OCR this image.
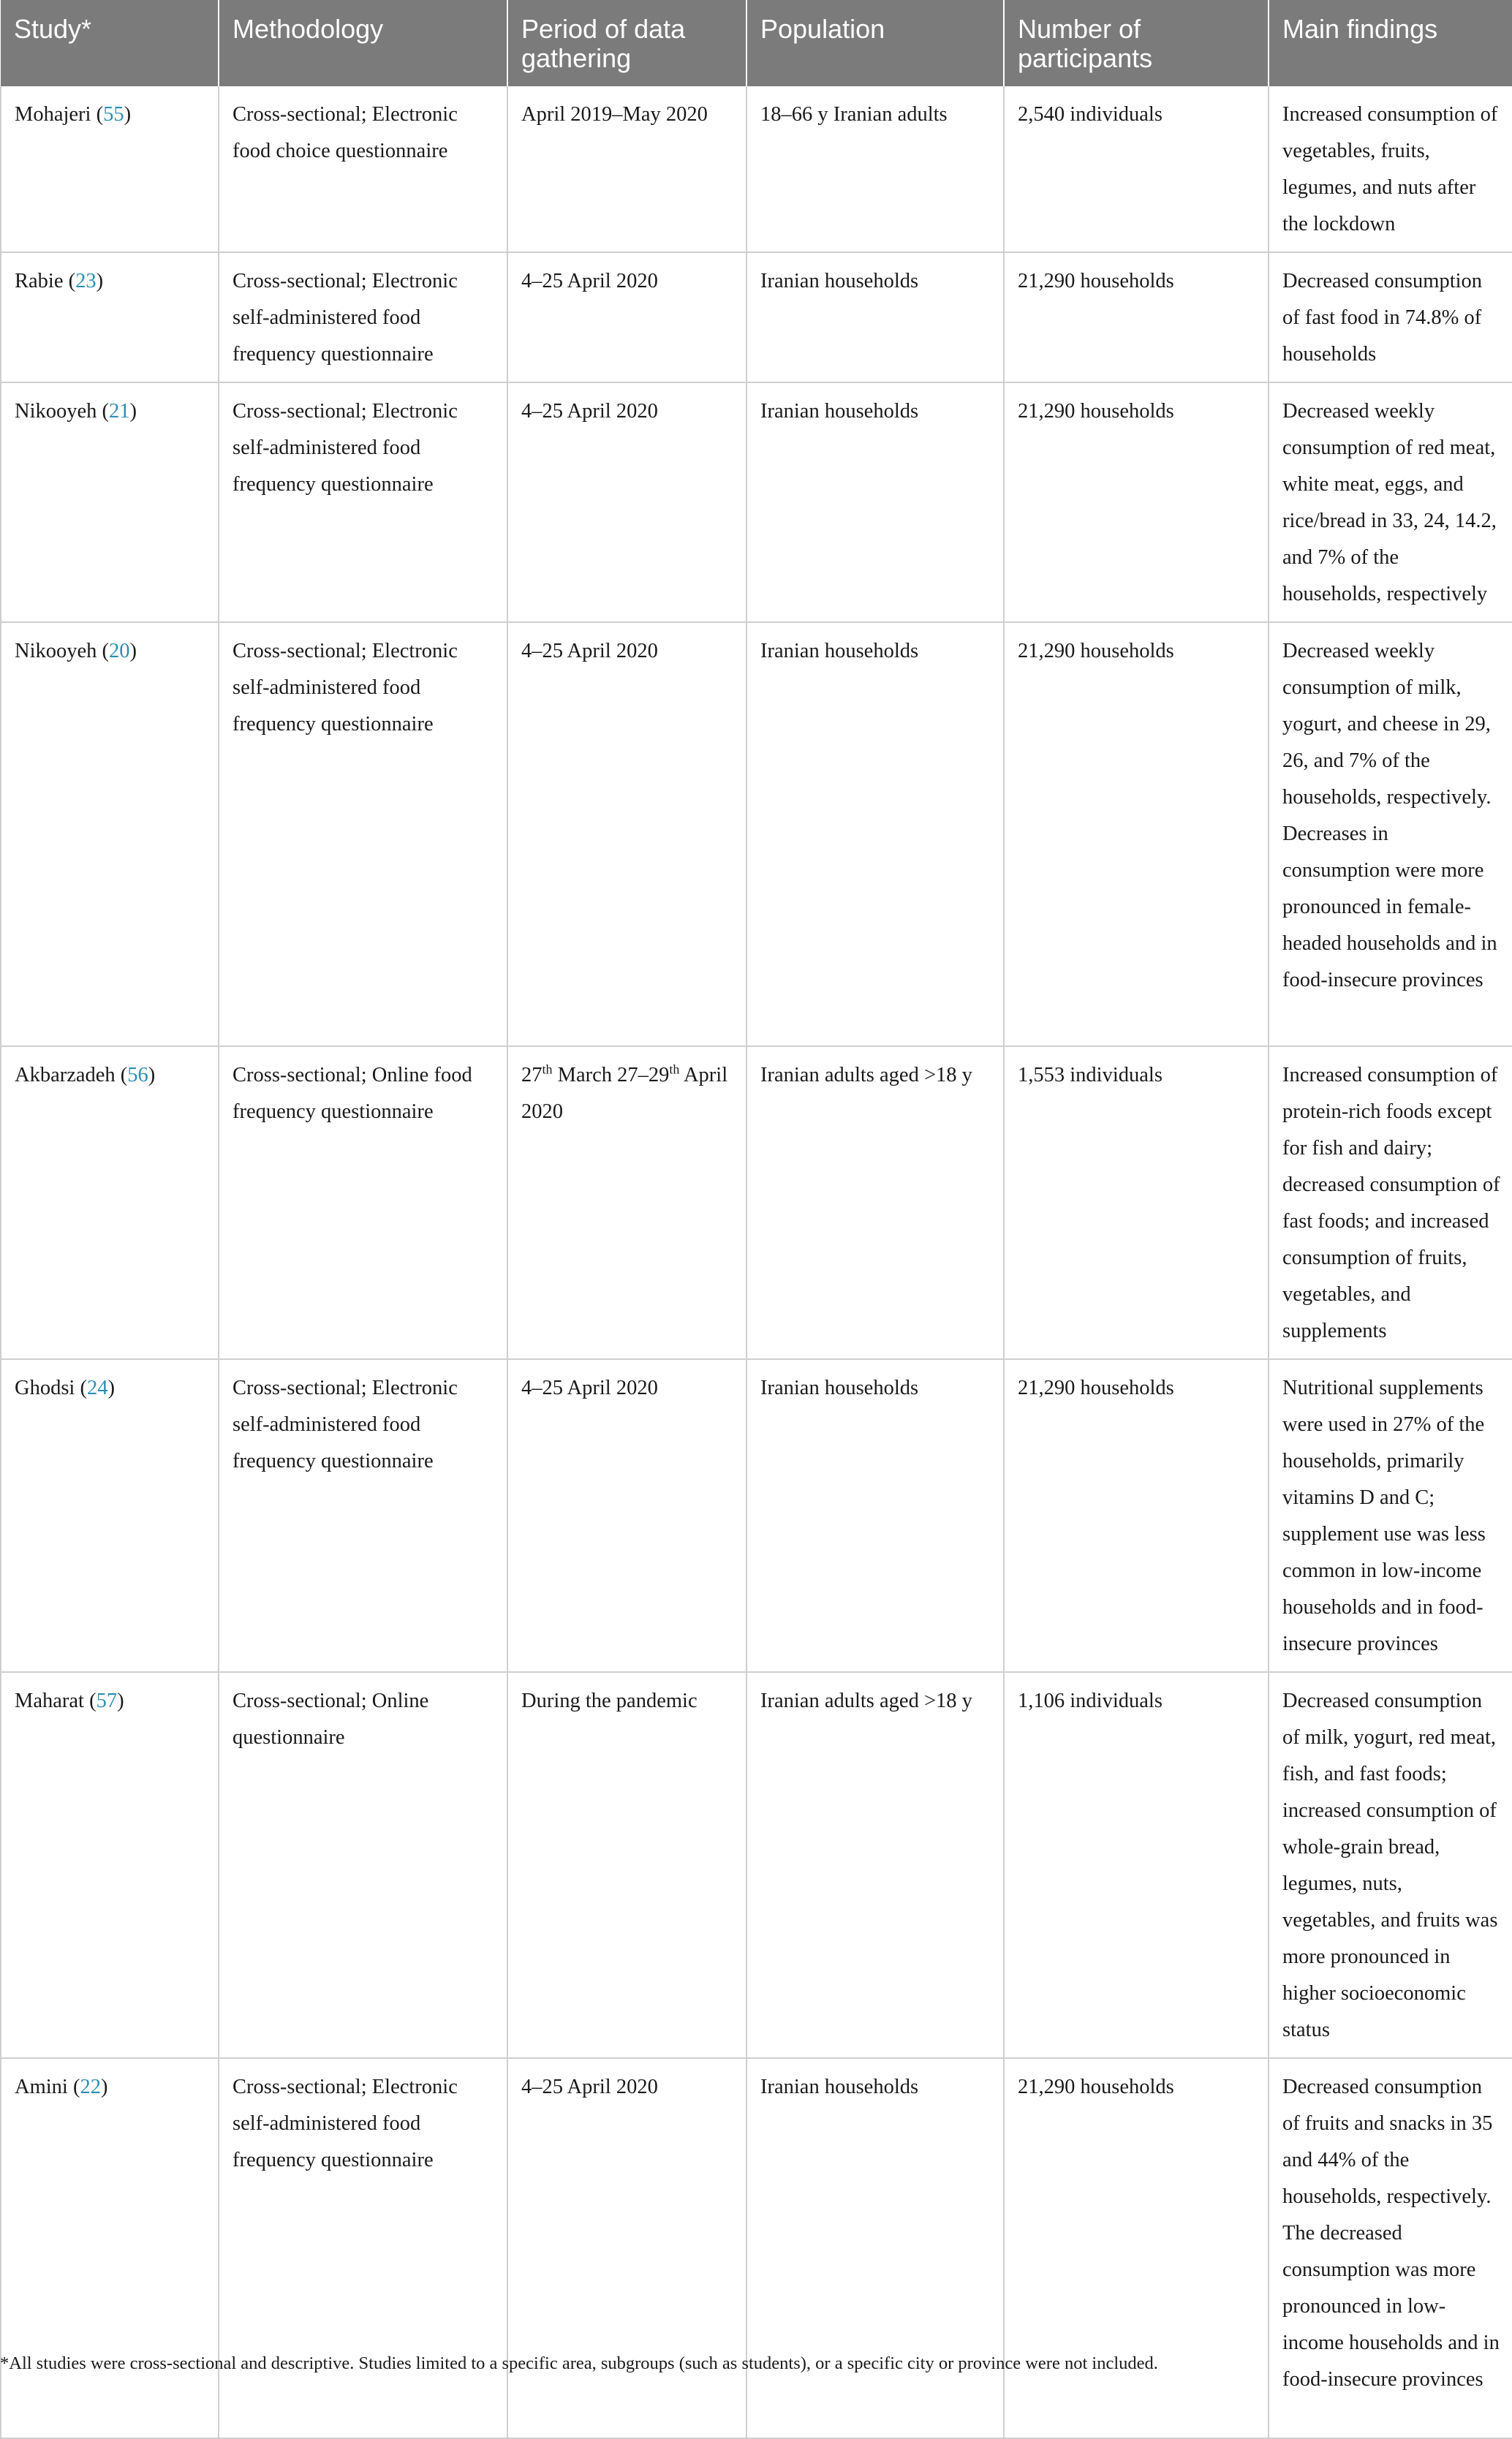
Study*	Methodology	Period of data gathering	Population	Number of participants	Main findings
Mohajeri (55)	Cross-sectional; Electronic food choice questionnaire	April 2019–May 2020	18–66 y Iranian adults	2,540 individuals	Increased consumption of vegetables, fruits, legumes, and nuts after the lockdown
Rabie (23)	Cross-sectional; Electronic self-administered food frequency questionnaire	4–25 April 2020	Iranian households	21,290 households	Decreased consumption of fast food in 74.8% of households
Nikooyeh (21)	Cross-sectional; Electronic self-administered food frequency questionnaire	4–25 April 2020	Iranian households	21,290 households	Decreased weekly consumption of red meat, white meat, eggs, and rice/bread in 33, 24, 14.2, and 7% of the households, respectively
Nikooyeh (20)	Cross-sectional; Electronic self-administered food frequency questionnaire	4–25 April 2020	Iranian households	21,290 households	Decreased weekly consumption of milk, yogurt, and cheese in 29, 26, and 7% of the households, respectively. Decreases in consumption were more pronounced in female-headed households and in food-insecure provinces
Akbarzadeh (56)	Cross-sectional; Online food frequency questionnaire	27th March 27–29th April 2020	Iranian adults aged >18 y	1,553 individuals	Increased consumption of protein-rich foods except for fish and dairy; decreased consumption of fast foods; and increased consumption of fruits, vegetables, and supplements
Ghodsi (24)	Cross-sectional; Electronic self-administered food frequency questionnaire	4–25 April 2020	Iranian households	21,290 households	Nutritional supplements were used in 27% of the households, primarily vitamins D and C; supplement use was less common in low-income households and in food-insecure provinces
Maharat (57)	Cross-sectional; Online questionnaire	During the pandemic	Iranian adults aged >18 y	1,106 individuals	Decreased consumption of milk, yogurt, red meat, fish, and fast foods; increased consumption of whole-grain bread, legumes, nuts, vegetables, and fruits was more pronounced in higher socioeconomic status
Amini (22)	Cross-sectional; Electronic self-administered food frequency questionnaire	4–25 April 2020	Iranian households	21,290 households	Decreased consumption of fruits and snacks in 35 and 44% of the households, respectively. The decreased consumption was more pronounced in low-income households and in food-insecure provinces
*All studies were cross-sectional and descriptive. Studies limited to a specific area, subgroups (such as students), or a specific city or province were not included.
